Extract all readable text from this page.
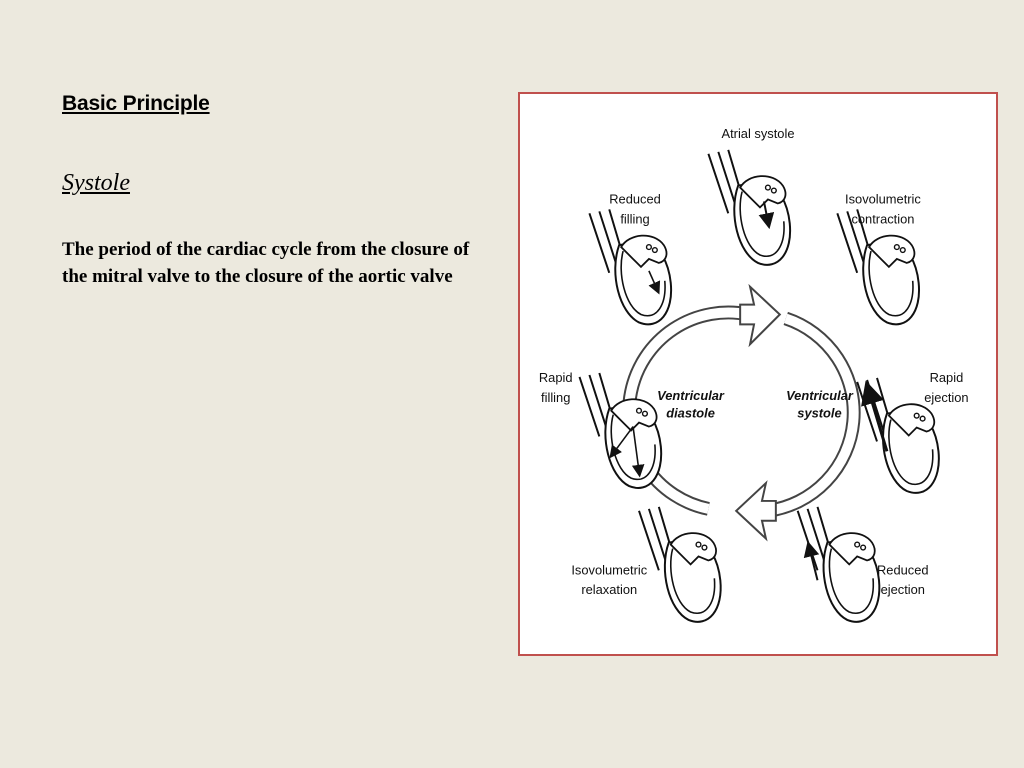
Basic Principle
Systole
The period of the cardiac cycle from the closure of the mitral valve to the closure of the aortic valve
Ventricular
diastole
Ventricular
systole
Atrial systole
Isovolumetric
contraction
Rapid
ejection
Reduced
ejection
Isovolumetric
relaxation
Rapid
filling
Reduced
filling
